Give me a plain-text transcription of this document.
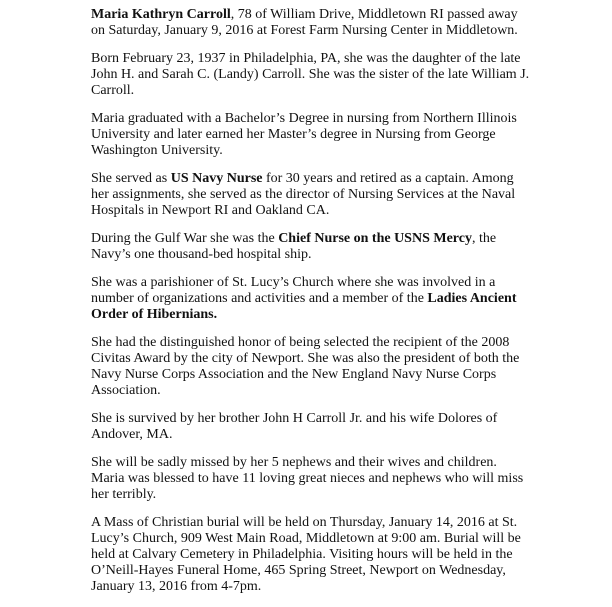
Maria Kathryn Carroll, 78 of William Drive, Middletown RI passed away on Saturday, January 9, 2016 at Forest Farm Nursing Center in Middletown.

Born February 23, 1937 in Philadelphia, PA, she was the daughter of the late John H. and Sarah C. (Landy) Carroll. She was the sister of the late William J. Carroll.

Maria graduated with a Bachelor’s Degree in nursing from Northern Illinois University and later earned her Master’s degree in Nursing from George Washington University.

She served as US Navy Nurse for 30 years and retired as a captain. Among her assignments, she served as the director of Nursing Services at the Naval Hospitals in Newport RI and Oakland CA.

During the Gulf War she was the Chief Nurse on the USNS Mercy, the Navy’s one thousand-bed hospital ship.

She was a parishioner of St. Lucy’s Church where she was involved in a number of organizations and activities and a member of the Ladies Ancient Order of Hibernians.

She had the distinguished honor of being selected the recipient of the 2008 Civitas Award by the city of Newport. She was also the president of both the Navy Nurse Corps Association and the New England Navy Nurse Corps Association.

She is survived by her brother John H Carroll Jr. and his wife Dolores of Andover, MA.

She will be sadly missed by her 5 nephews and their wives and children. Maria was blessed to have 11 loving great nieces and nephews who will miss her terribly.

A Mass of Christian burial will be held on Thursday, January 14, 2016 at St. Lucy’s Church, 909 West Main Road, Middletown at 9:00 am. Burial will be held at Calvary Cemetery in Philadelphia. Visiting hours will be held in the O’Neill-Hayes Funeral Home, 465 Spring Street, Newport on Wednesday, January 13, 2016 from 4-7pm.
